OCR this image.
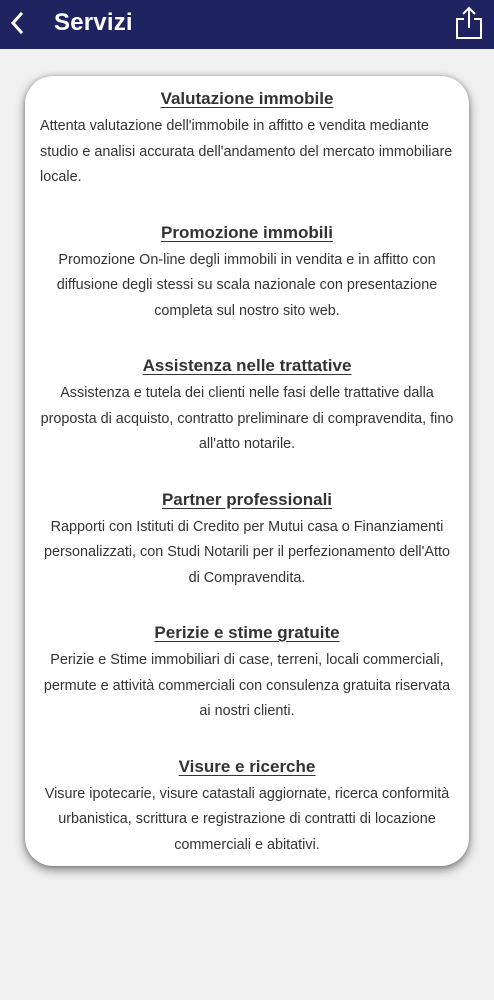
Servizi
Valutazione immobile

Attenta valutazione dell'immobile in affitto e vendita mediante studio e analisi accurata dell'andamento del mercato immobiliare locale.

Promozione immobili

Promozione On-line degli immobili in vendita e in affitto con diffusione degli stessi su scala nazionale con presentazione completa sul nostro sito web.

Assistenza nelle trattative

Assistenza e tutela dei clienti nelle fasi delle trattative dalla proposta di acquisto, contratto preliminare di compravendita, fino all'atto notarile.

Partner professionali

Rapporti con Istituti di Credito per Mutui casa o Finanziamenti personalizzati, con Studi Notarili per il perfezionamento dell'Atto di Compravendita.

Perizie e stime gratuite

Perizie e Stime immobiliari di case, terreni, locali commerciali, permute e attività commerciali con consulenza gratuita riservata ai nostri clienti.

Visure e ricerche

Visure ipotecarie, visure catastali aggiornate, ricerca conformità urbanistica, scrittura e registrazione di contratti di locazione commerciali e abitativi.
